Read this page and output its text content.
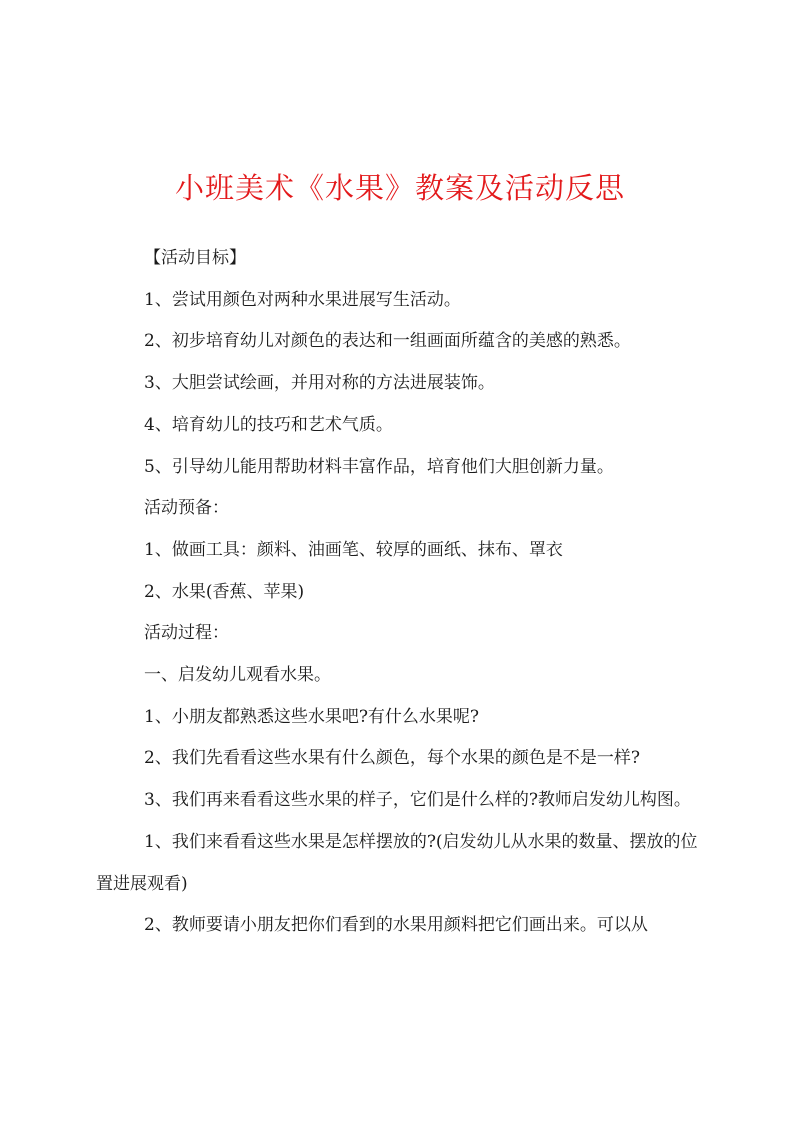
小班美术《水果》教案及活动反思

【活动目标】

1、尝试用颜色对两种水果进展写生活动。

2、初步培育幼儿对颜色的表达和一组画面所蕴含的美感的熟悉。

3、大胆尝试绘画，并用对称的方法进展装饰。

4、培育幼儿的技巧和艺术气质。

5、引导幼儿能用帮助材料丰富作品，培育他们大胆创新力量。

活动预备：

1、做画工具：颜料、油画笔、较厚的画纸、抹布、罩衣

2、水果(香蕉、苹果)

活动过程：

一、启发幼儿观看水果。

1、小朋友都熟悉这些水果吧?有什么水果呢?

2、我们先看看这些水果有什么颜色，每个水果的颜色是不是一样?

3、我们再来看看这些水果的样子，它们是什么样的?教师启发幼儿构图。

1、我们来看看这些水果是怎样摆放的?(启发幼儿从水果的数量、摆放的位置进展观看)

2、教师要请小朋友把你们看到的水果用颜料把它们画出来。可以从
